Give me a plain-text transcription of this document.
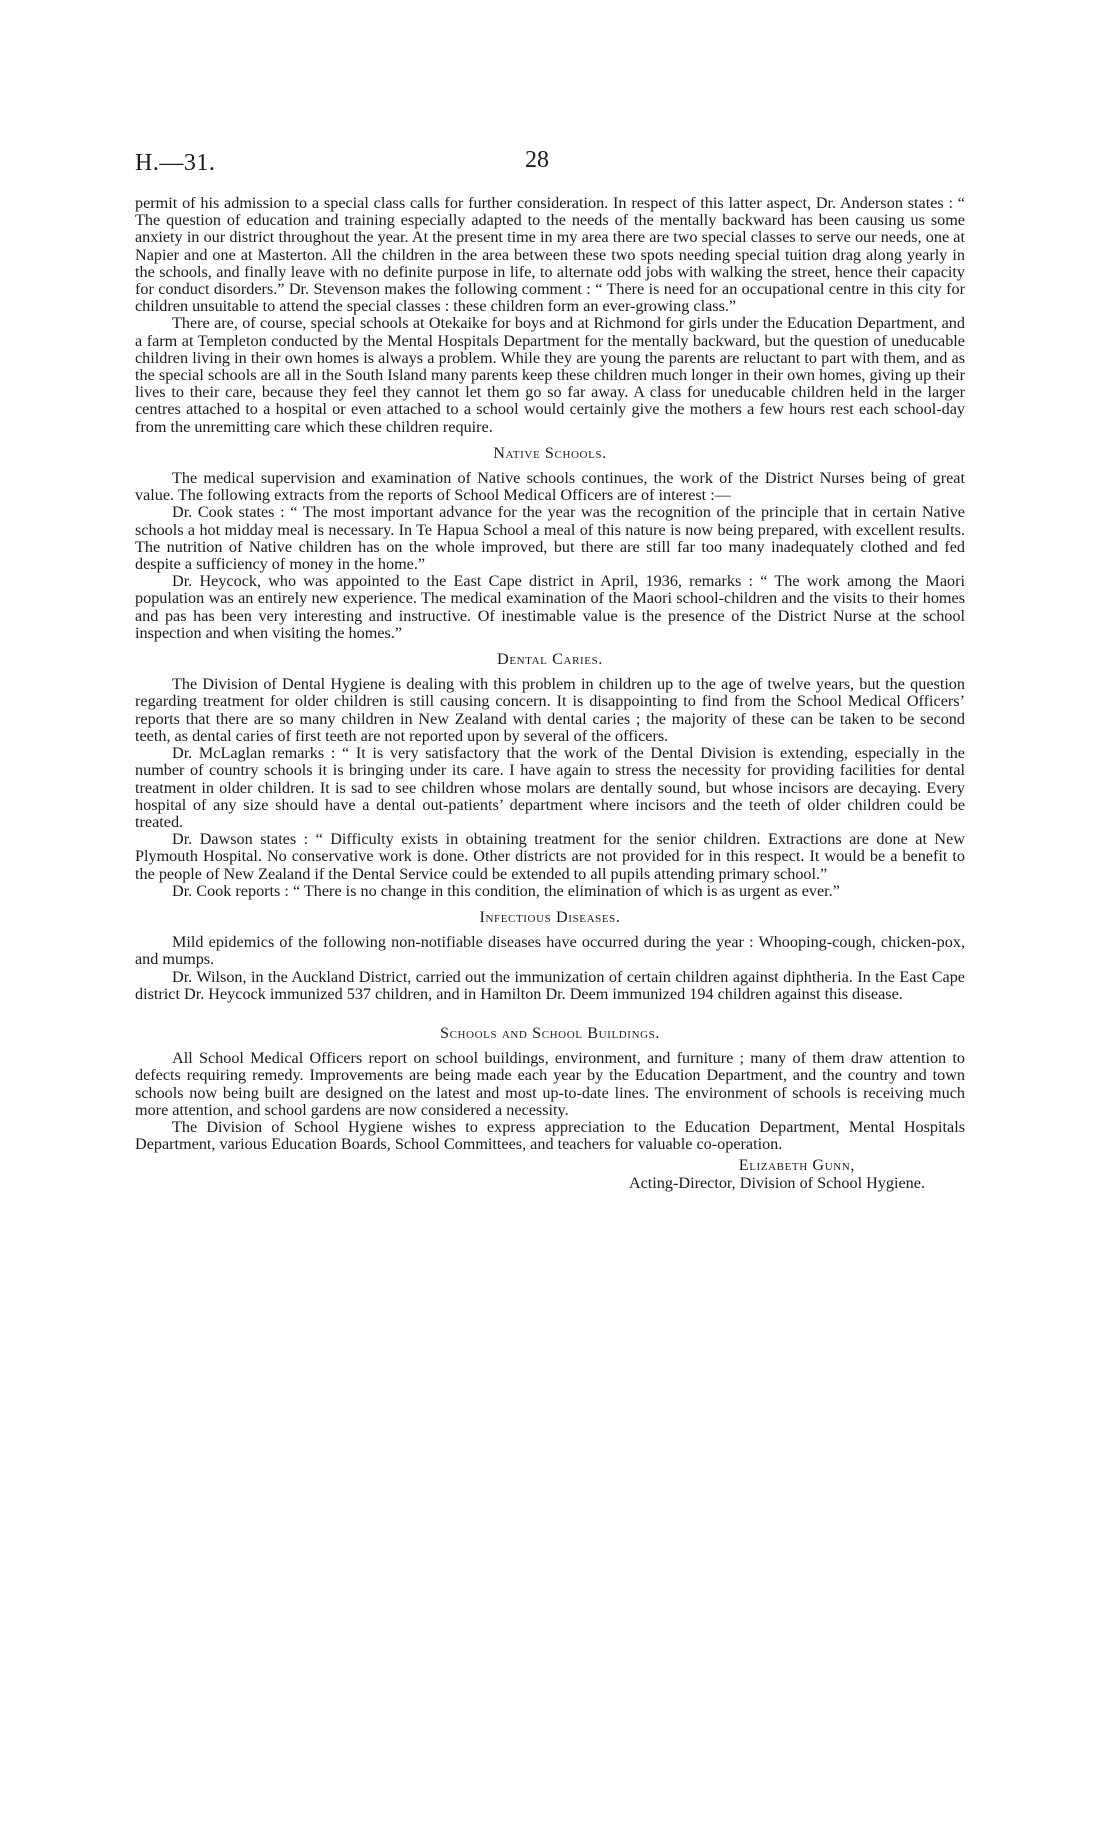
H.—31.	28

permit of his admission to a special class calls for further consideration. In respect of this latter aspect, Dr. Anderson states : “ The question of education and training especially adapted to the needs of the mentally backward has been causing us some anxiety in our district throughout the year. At the present time in my area there are two special classes to serve our needs, one at Napier and one at Masterton. All the children in the area between these two spots needing special tuition drag along yearly in the schools, and finally leave with no definite purpose in life, to alternate odd jobs with walking the street, hence their capacity for conduct disorders.” Dr. Stevenson makes the following comment : “ There is need for an occupational centre in this city for children unsuitable to attend the special classes : these children form an ever-growing class.”

There are, of course, special schools at Otekaike for boys and at Richmond for girls under the Education Department, and a farm at Templeton conducted by the Mental Hospitals Department for the mentally backward, but the question of uneducable children living in their own homes is always a problem. While they are young the parents are reluctant to part with them, and as the special schools are all in the South Island many parents keep these children much longer in their own homes, giving up their lives to their care, because they feel they cannot let them go so far away. A class for uneducable children held in the larger centres attached to a hospital or even attached to a school would certainly give the mothers a few hours rest each school-day from the unremitting care which these children require.

Native Schools.

The medical supervision and examination of Native schools continues, the work of the District Nurses being of great value. The following extracts from the reports of School Medical Officers are of interest :—

Dr. Cook states : “ The most important advance for the year was the recognition of the principle that in certain Native schools a hot midday meal is necessary. In Te Hapua School a meal of this nature is now being prepared, with excellent results. The nutrition of Native children has on the whole improved, but there are still far too many inadequately clothed and fed despite a sufficiency of money in the home.”

Dr. Heycock, who was appointed to the East Cape district in April, 1936, remarks : “ The work among the Maori population was an entirely new experience. The medical examination of the Maori school-children and the visits to their homes and pas has been very interesting and instructive. Of inestimable value is the presence of the District Nurse at the school inspection and when visiting the homes.”

Dental Caries.

The Division of Dental Hygiene is dealing with this problem in children up to the age of twelve years, but the question regarding treatment for older children is still causing concern. It is disappointing to find from the School Medical Officers’ reports that there are so many children in New Zealand with dental caries ; the majority of these can be taken to be second teeth, as dental caries of first teeth are not reported upon by several of the officers.

Dr. McLaglan remarks : “ It is very satisfactory that the work of the Dental Division is extending, especially in the number of country schools it is bringing under its care. I have again to stress the necessity for providing facilities for dental treatment in older children. It is sad to see children whose molars are dentally sound, but whose incisors are decaying. Every hospital of any size should have a dental out-patients’ department where incisors and the teeth of older children could be treated.

Dr. Dawson states : “ Difficulty exists in obtaining treatment for the senior children. Extractions are done at New Plymouth Hospital. No conservative work is done. Other districts are not provided for in this respect. It would be a benefit to the people of New Zealand if the Dental Service could be extended to all pupils attending primary school.”

Dr. Cook reports : “ There is no change in this condition, the elimination of which is as urgent as ever.”

Infectious Diseases.

Mild epidemics of the following non-notifiable diseases have occurred during the year : Whooping-cough, chicken-pox, and mumps.

Dr. Wilson, in the Auckland District, carried out the immunization of certain children against diphtheria. In the East Cape district Dr. Heycock immunized 537 children, and in Hamilton Dr. Deem immunized 194 children against this disease.

Schools and School Buildings.

All School Medical Officers report on school buildings, environment, and furniture ; many of them draw attention to defects requiring remedy. Improvements are being made each year by the Education Department, and the country and town schools now being built are designed on the latest and most up-to-date lines. The environment of schools is receiving much more attention, and school gardens are now considered a necessity.

The Division of School Hygiene wishes to express appreciation to the Education Department, Mental Hospitals Department, various Education Boards, School Committees, and teachers for valuable co-operation.

Elizabeth Gunn,
Acting-Director, Division of School Hygiene.
